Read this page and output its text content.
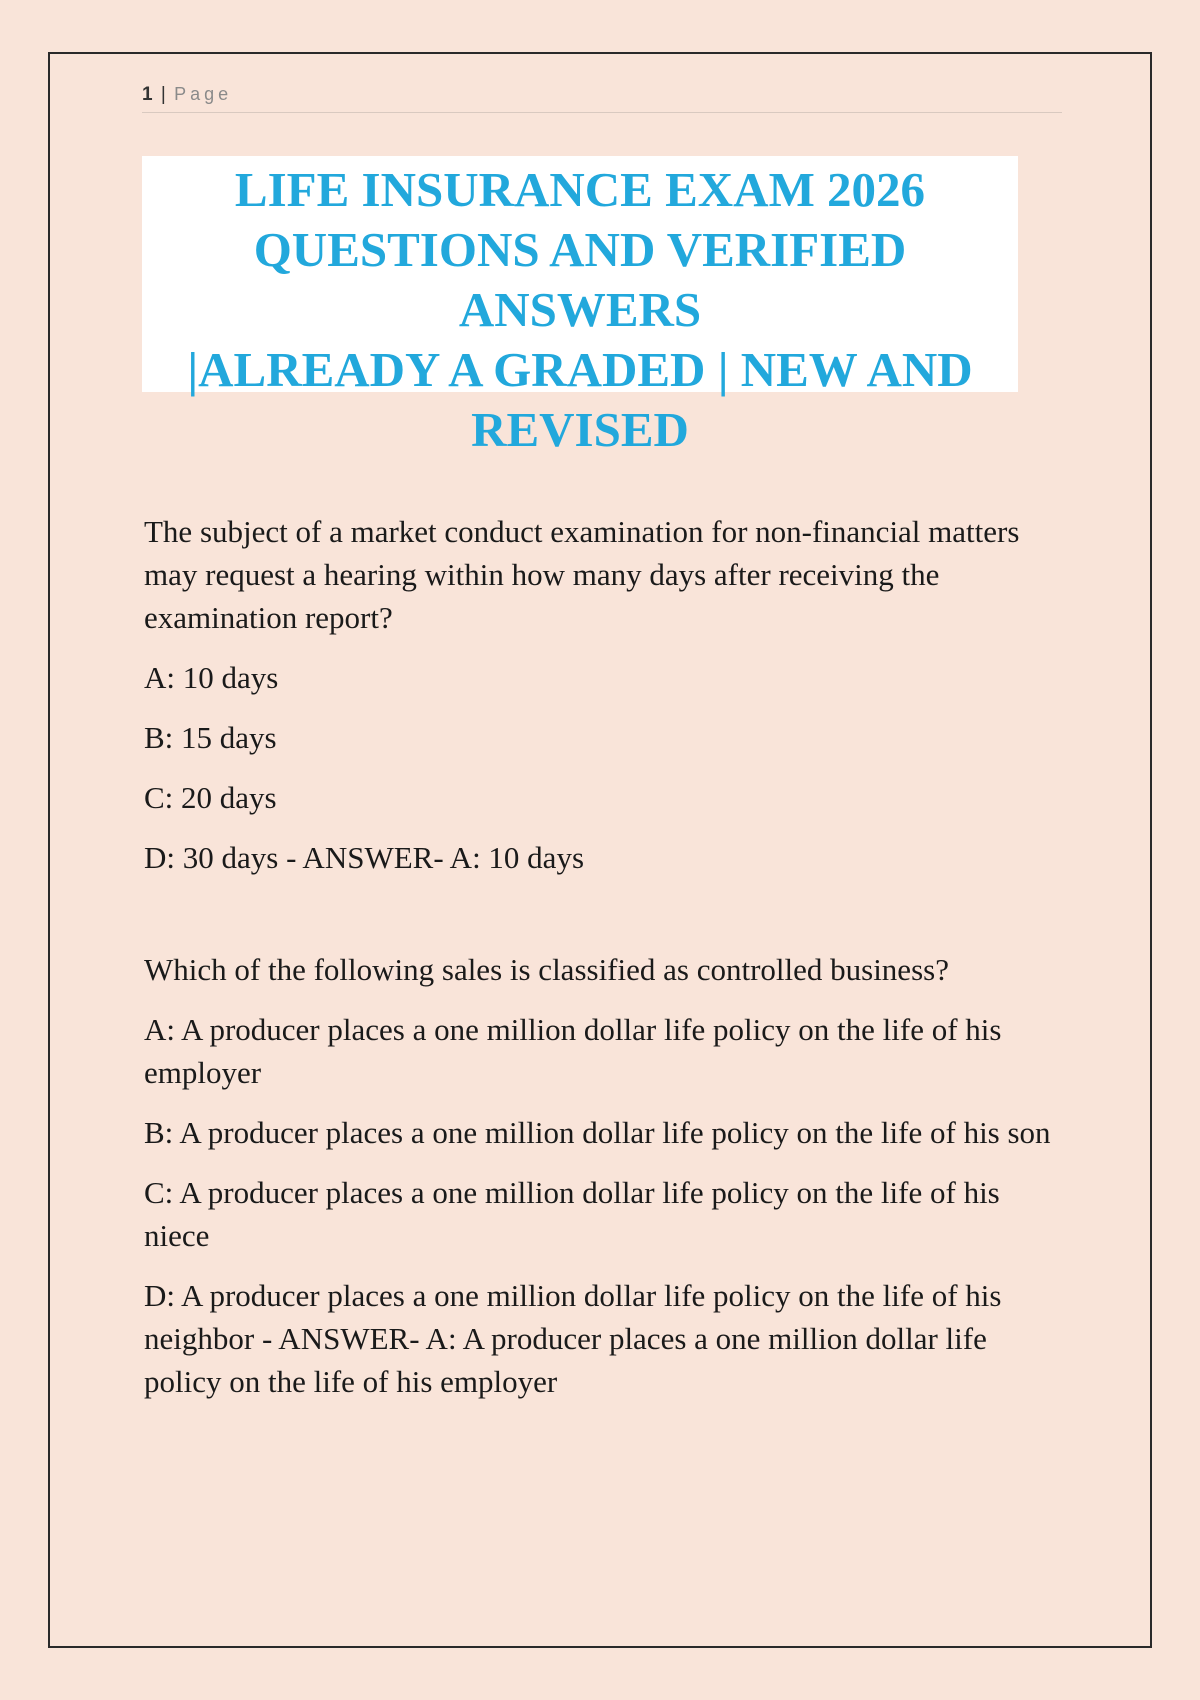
1 | Page
LIFE INSURANCE EXAM 2026
QUESTIONS AND VERIFIED ANSWERS
|ALREADY A GRADED | NEW AND
REVISED

The subject of a market conduct examination for non-financial matters may request a hearing within how many days after receiving the examination report?

A: 10 days

B: 15 days

C: 20 days

D: 30 days - ANSWER- A: 10 days

Which of the following sales is classified as controlled business?

A: A producer places a one million dollar life policy on the life of his employer

B: A producer places a one million dollar life policy on the life of his son

C: A producer places a one million dollar life policy on the life of his niece

D: A producer places a one million dollar life policy on the life of his neighbor - ANSWER- A: A producer places a one million dollar life policy on the life of his employer
